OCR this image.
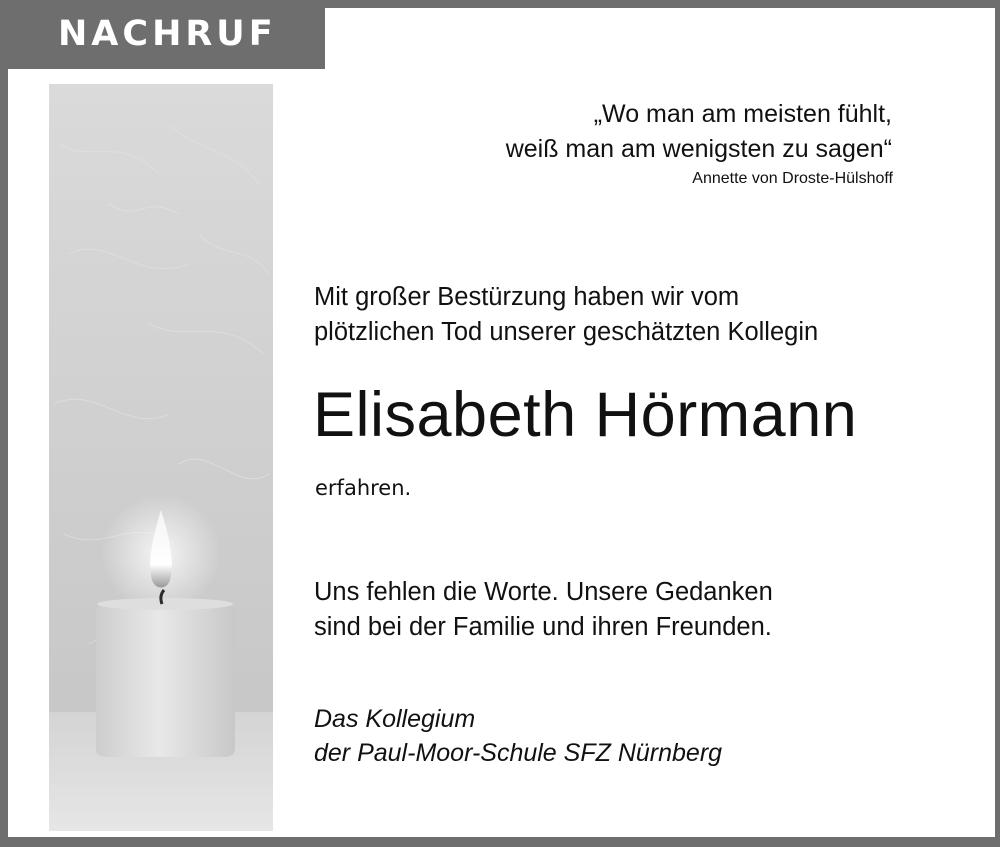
NACHRUF
„Wo man am meisten fühlt,
weiß man am wenigsten zu sagen“
Annette von Droste-Hülshoff
Mit großer Bestürzung haben wir vom
plötzlichen Tod unserer geschätzten Kollegin
Elisabeth Hörmann
erfahren.
Uns fehlen die Worte. Unsere Gedanken
sind bei der Familie und ihren Freunden.
Das Kollegium
der Paul-Moor-Schule SFZ Nürnberg
